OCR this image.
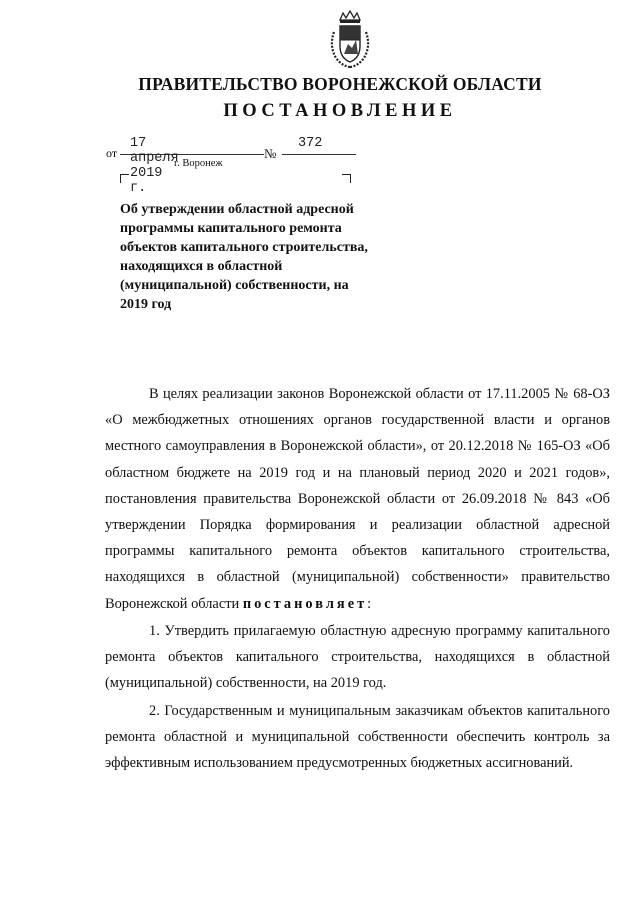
ПРАВИТЕЛЬСТВО ВОРОНЕЖСКОЙ ОБЛАСТИ
ПОСТАНОВЛЕНИЕ
от
17 апреля 2019 г.
№
372
г. Воронеж
Об утверждении областной адресной
программы капитального ремонта
объектов капитального строительства,
находящихся в областной
(муниципальной) собственности, на
2019 год

В целях реализации законов Воронежской области от 17.11.2005 № 68-ОЗ «О межбюджетных отношениях органов государственной власти и органов местного самоуправления в Воронежской области», от 20.12.2018 № 165-ОЗ «Об областном бюджете на 2019 год и на плановый период 2020 и 2021 годов», постановления правительства Воронежской области от 26.09.2018 № 843 «Об утверждении Порядка формирования и реализации областной адресной программы капитального ремонта объектов капитального строительства, находящихся в областной (муниципальной) собственности» правительство Воронежской области постановляет:

1. Утвердить прилагаемую областную адресную программу капитального ремонта объектов капитального строительства, находящихся в областной (муниципальной) собственности, на 2019 год.

2. Государственным и муниципальным заказчикам объектов капитального ремонта областной и муниципальной собственности обеспечить контроль за эффективным использованием предусмотренных бюджетных ассигнований.
